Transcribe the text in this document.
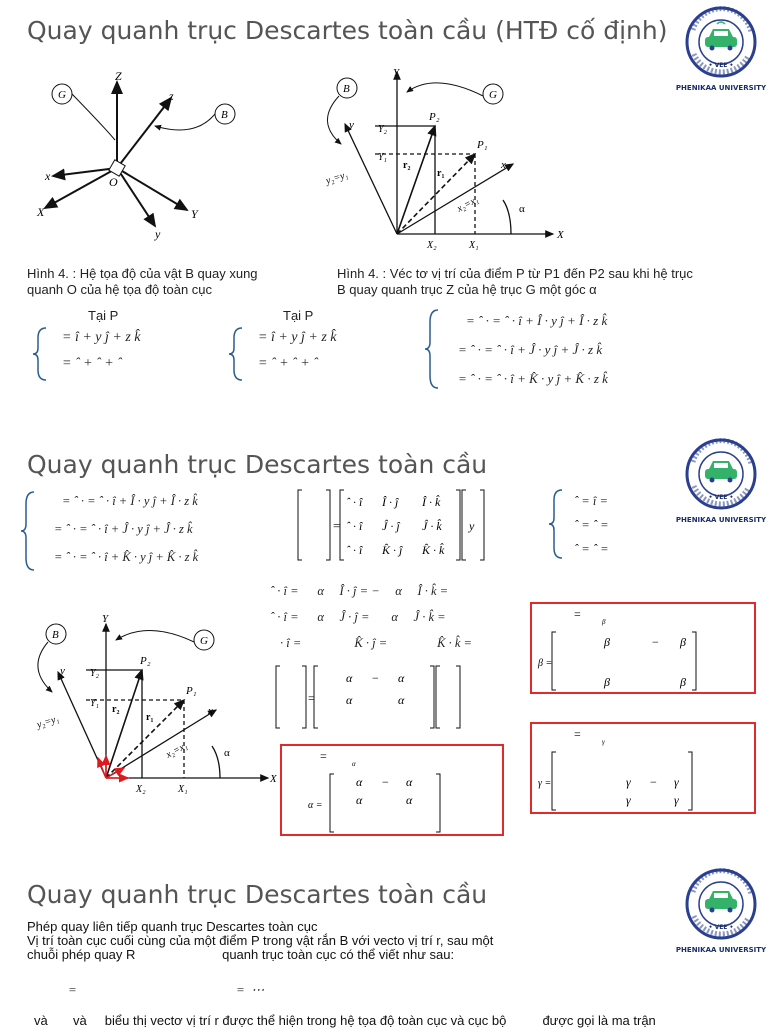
Quay quanh trục Descartes toàn cầu (HTĐ cố định)
• VEE •
PHENIKAA UNIVERSITY
G
B
Z
z
x
X
O
Y
y
B	G
Y
y Y₂
Y₁
y₂=y₁
P₂
P₁
r₂
r₁
x
x₂=x₁	α
X₂	X₁
X
Hình 4. : Hệ tọa độ của vật B quay xung quanh O của hệ tọa độ toàn cục
Hình 4. : Véc tơ vị trí của điểm P từ P1 đến P2 sau khi hệ trục B quay quanh trục Z của hệ trục G một góc α
Tại P	Tại P
= î + y ĵ + z k̂
= ˆ + ˆ + ˆ
= î + y ĵ + z k̂
= ˆ + ˆ + ˆ
= ˆ · = ˆ · î + Î · y ĵ + Î · z k̂
= ˆ · = ˆ · î + Ĵ · y ĵ + Ĵ · z k̂
= ˆ · = ˆ · î + K̂ · y ĵ + K̂ · z k̂
Quay quanh trục Descartes toàn cầu
• VEE •
PHENIKAA UNIVERSITY
= ˆ · = ˆ · î + Î · y ĵ + Î · z k̂
= ˆ · = ˆ · î + Ĵ · y ĵ + Ĵ · z k̂
= ˆ · = ˆ · î + K̂ · y ĵ + K̂ · z k̂
=
ˆ · î Î · ĵ Î · k̂
ˆ · î Ĵ · ĵ Ĵ · k̂
ˆ · î K̂ · ĵ K̂ · k̂
y
ˆ = î =
ˆ = ˆ =
ˆ = ˆ =
ˆ · î =      α     Î · ĵ = −     α     Î · k̂ =
ˆ · î =      α     Ĵ · ĵ =       α     Ĵ · k̂ =
· î =                 K̂ · ĵ =                K̂ · k̂ =
=
α − α
α	α
=
α
α =
α − α
α	α
=
β
β =
β	− β
β	β
=
γ
γ =	γ − γ
γ	γ
B	G
Y
y	Y₂
Y₁
y₂=y₁
P₂
P₁
r₂
r₁
x
x₂=x₁	α
X₂	X₁
X
Quay quanh trục Descartes toàn cầu
• VEE •
PHENIKAA UNIVERSITY
Phép quay liên tiếp quanh trục Descartes toàn cục
Vị trí toàn cục cuối cùng của một điểm P trong vật rắn B với vecto vị trí r, sau một
chuỗi phép quay R                        quanh trục toàn cục có thể viết như sau:
=	=  ⋯
và       và     biểu thị vectơ vị trí r được thể hiện trong hệ tọa độ toàn cục và cục bộ          được gọi là ma trận
